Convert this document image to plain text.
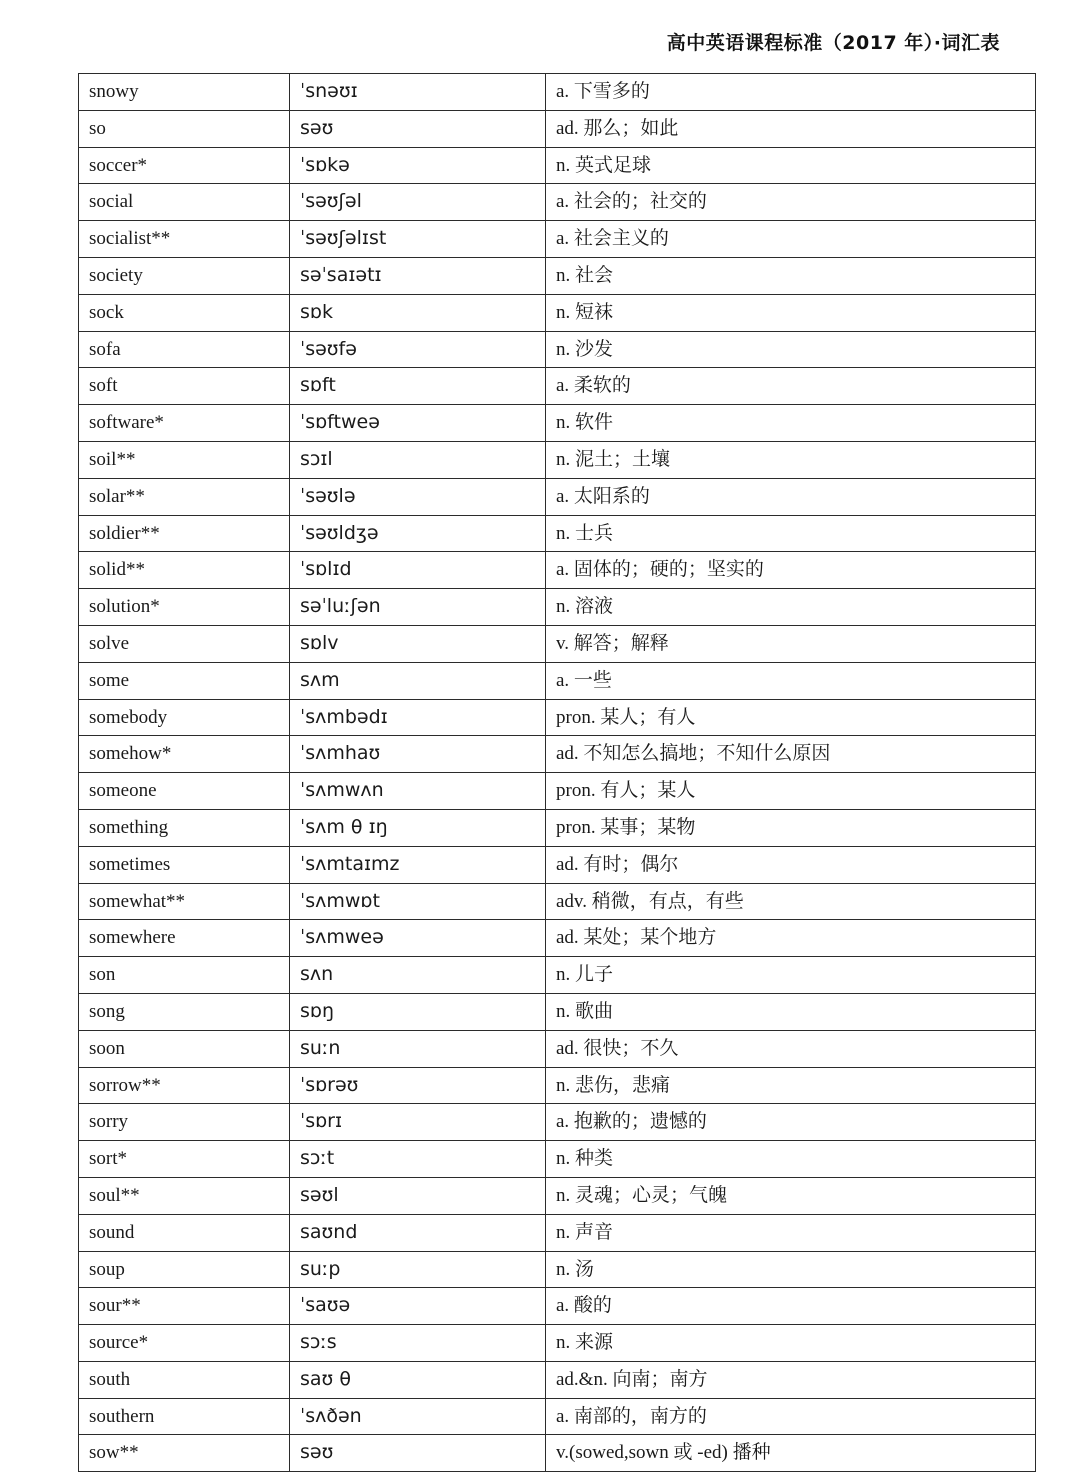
高中英语课程标准（2017 年）·词汇表
snowy	ˈsnəʊɪ	a. 下雪多的
so	səʊ	ad. 那么；如此
soccer*	ˈsɒkə	n. 英式足球
social	ˈsəʊʃəl	a. 社会的；社交的
socialist**	ˈsəʊʃəlɪst	a. 社会主义的
society	səˈsaɪətɪ	n. 社会
sock	sɒk	n. 短袜
sofa	ˈsəʊfə	n. 沙发
soft	sɒft	a. 柔软的
software*	ˈsɒftweə	n. 软件
soil**	sɔɪl	n. 泥土；土壤
solar**	ˈsəʊlə	a. 太阳系的
soldier**	ˈsəʊldʒə	n. 士兵
solid**	ˈsɒlɪd	a. 固体的；硬的；坚实的
solution*	səˈluːʃən	n. 溶液
solve	sɒlv	v. 解答；解释
some	sʌm	a. 一些
somebody	ˈsʌmbədɪ	pron. 某人；有人
somehow*	ˈsʌmhaʊ	ad. 不知怎么搞地；不知什么原因
someone	ˈsʌmwʌn	pron. 有人；某人
something	ˈsʌm θ ɪŋ	pron. 某事；某物
sometimes	ˈsʌmtaɪmz	ad. 有时；偶尔
somewhat**	ˈsʌmwɒt	adv. 稍微，有点，有些
somewhere	ˈsʌmweə	ad. 某处；某个地方
son	sʌn	n. 儿子
song	sɒŋ	n. 歌曲
soon	suːn	ad. 很快；不久
sorrow**	ˈsɒrəʊ	n. 悲伤，悲痛
sorry	ˈsɒrɪ	a. 抱歉的；遗憾的
sort*	sɔːt	n. 种类
soul**	səʊl	n. 灵魂；心灵；气魄
sound	saʊnd	n. 声音
soup	suːp	n. 汤
sour**	ˈsaʊə	a. 酸的
source*	sɔːs	n. 来源
south	saʊ θ	ad.&n. 向南；南方
southern	ˈsʌðən	a. 南部的，南方的
sow**	səʊ	v.(sowed,sown 或 -ed) 播种
